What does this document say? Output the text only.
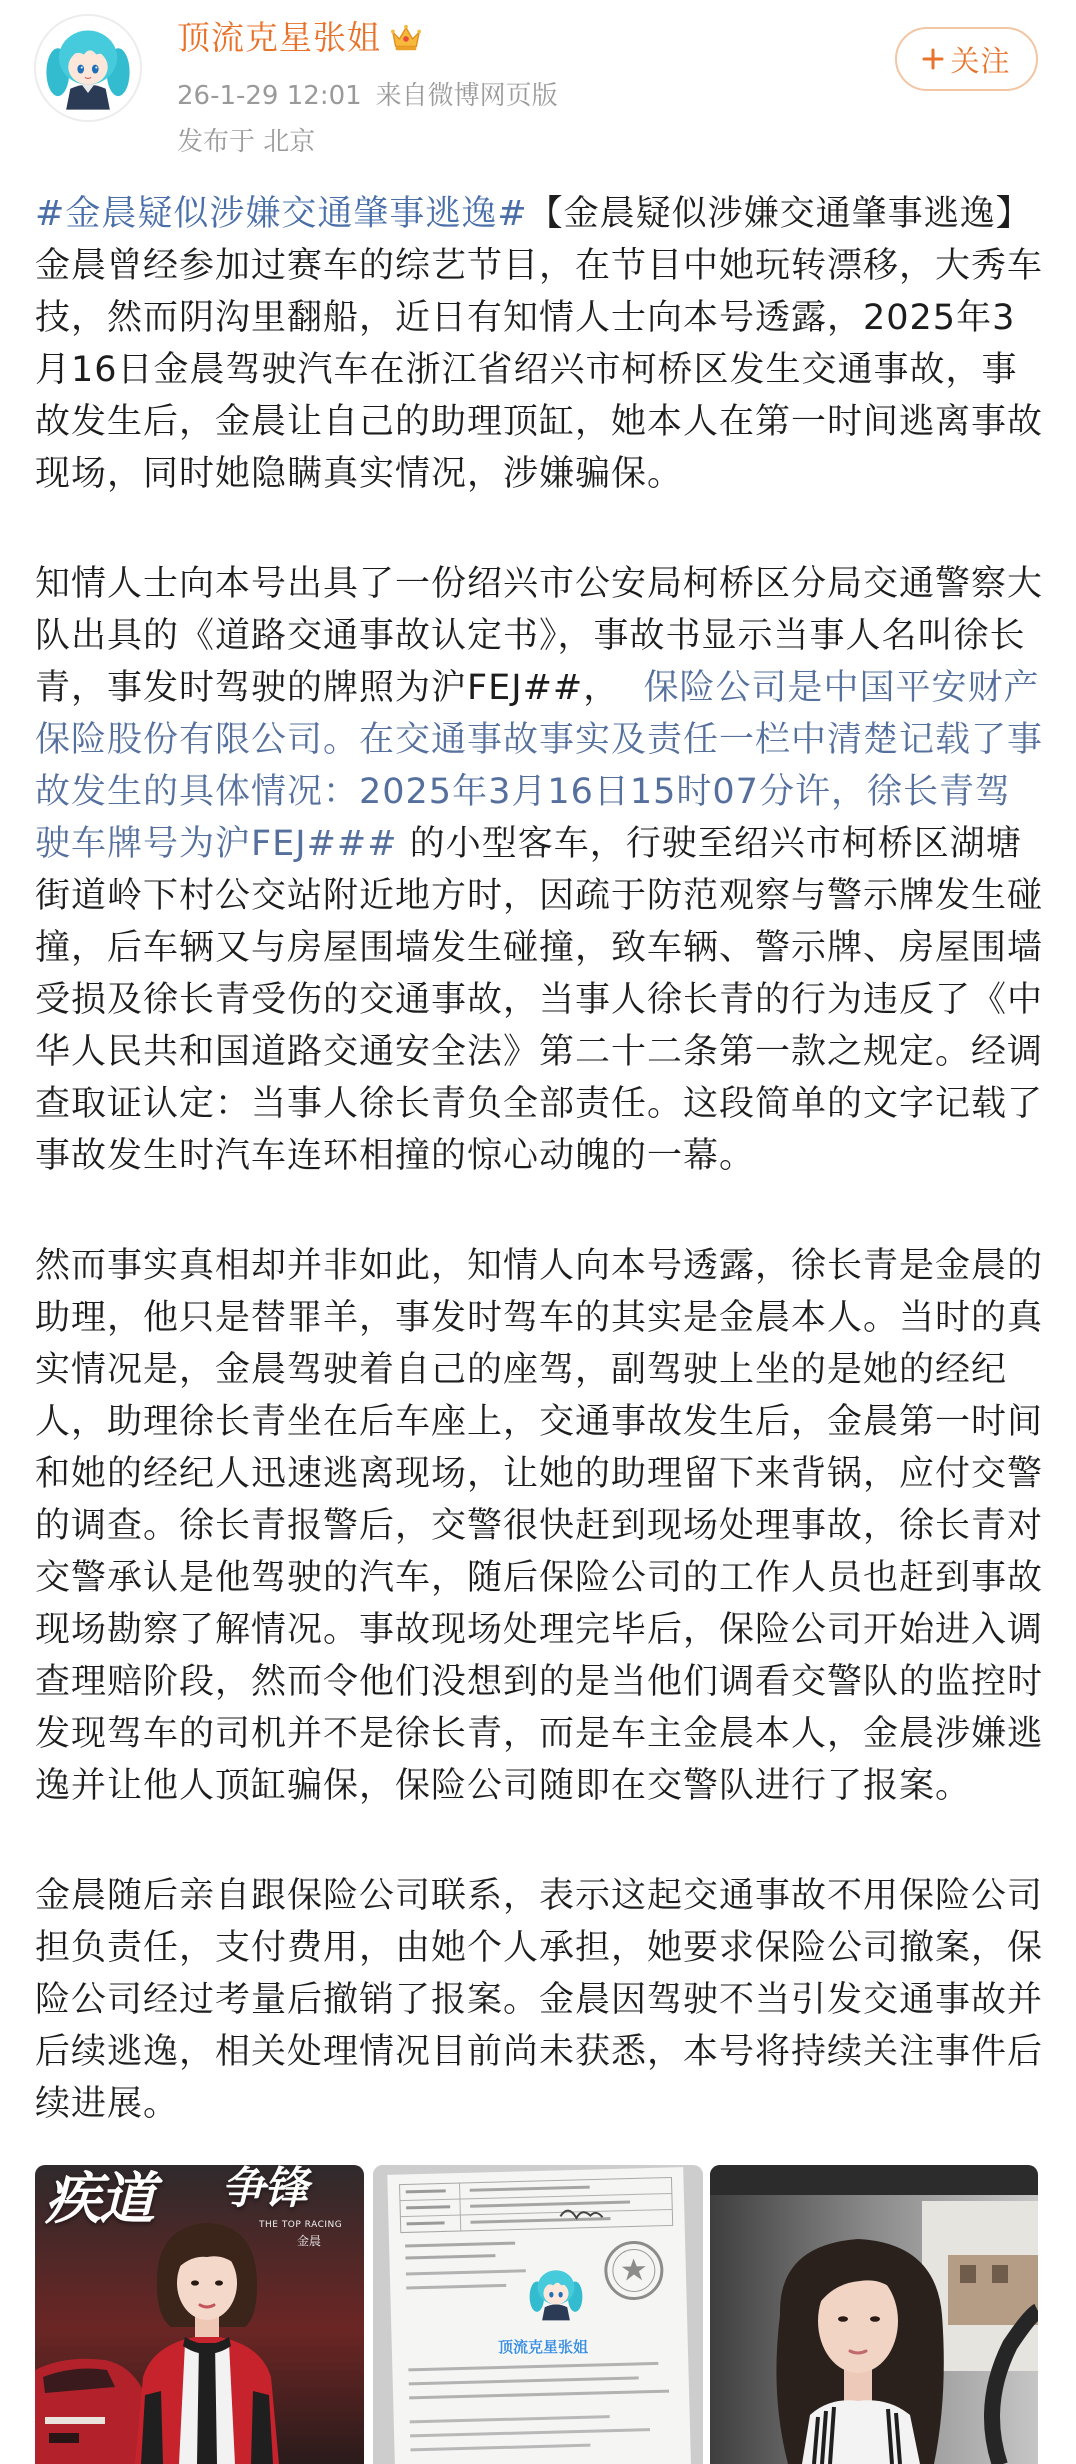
顶流克星张姐
26-1-29 12:01 来自微博网页版
发布于 北京
关注

#金晨疑似涉嫌交通肇事逃逸#【金晨疑似涉嫌交通肇事逃逸】金晨曾经参加过赛车的综艺节目，在节目中她玩转漂移，大秀车技，然而阴沟里翻船，近日有知情人士向本号透露，2025年3月16日金晨驾驶汽车在浙江省绍兴市柯桥区发生交通事故，事故发生后，金晨让自己的助理顶缸，她本人在第一时间逃离事故现场，同时她隐瞒真实情况，涉嫌骗保。

知情人士向本号出具了一份绍兴市公安局柯桥区分局交通警察大队出具的《道路交通事故认定书》，事故书显示当事人名叫徐长青，事发时驾驶的牌照为沪FEJ##，  保险公司是中国平安财产保险股份有限公司。在交通事故事实及责任一栏中清楚记载了事故发生的具体情况：2025年3月16日15时07分许，徐长青驾驶车牌号为沪FEJ### 的小型客车，行驶至绍兴市柯桥区湖塘街道岭下村公交站附近地方时，因疏于防范观察与警示牌发生碰撞，后车辆又与房屋围墙发生碰撞，致车辆、警示牌、房屋围墙受损及徐长青受伤的交通事故，当事人徐长青的行为违反了《中华人民共和国道路交通安全法》第二十二条第一款之规定。经调查取证认定：当事人徐长青负全部责任。这段简单的文字记载了事故发生时汽车连环相撞的惊心动魄的一幕。

然而事实真相却并非如此，知情人向本号透露，徐长青是金晨的助理，他只是替罪羊，事发时驾车的其实是金晨本人。当时的真实情况是，金晨驾驶着自己的座驾，副驾驶上坐的是她的经纪人，助理徐长青坐在后车座上，交通事故发生后，金晨第一时间和她的经纪人迅速逃离现场，让她的助理留下来背锅，应付交警的调查。徐长青报警后，交警很快赶到现场处理事故，徐长青对交警承认是他驾驶的汽车，随后保险公司的工作人员也赶到事故现场勘察了解情况。事故现场处理完毕后，保险公司开始进入调查理赔阶段，然而令他们没想到的是当他们调看交警队的监控时发现驾车的司机并不是徐长青，而是车主金晨本人，金晨涉嫌逃逸并让他人顶缸骗保，保险公司随即在交警队进行了报案。

金晨随后亲自跟保险公司联系，表示这起交通事故不用保险公司担负责任，支付费用，由她个人承担，她要求保险公司撤案，保险公司经过考量后撤销了报案。金晨因驾驶不当引发交通事故并后续逃逸，相关处理情况目前尚未获悉，本号将持续关注事件后续进展。

疾道 争锋
THE TOP RACING
金晨
顶流克星张姐
